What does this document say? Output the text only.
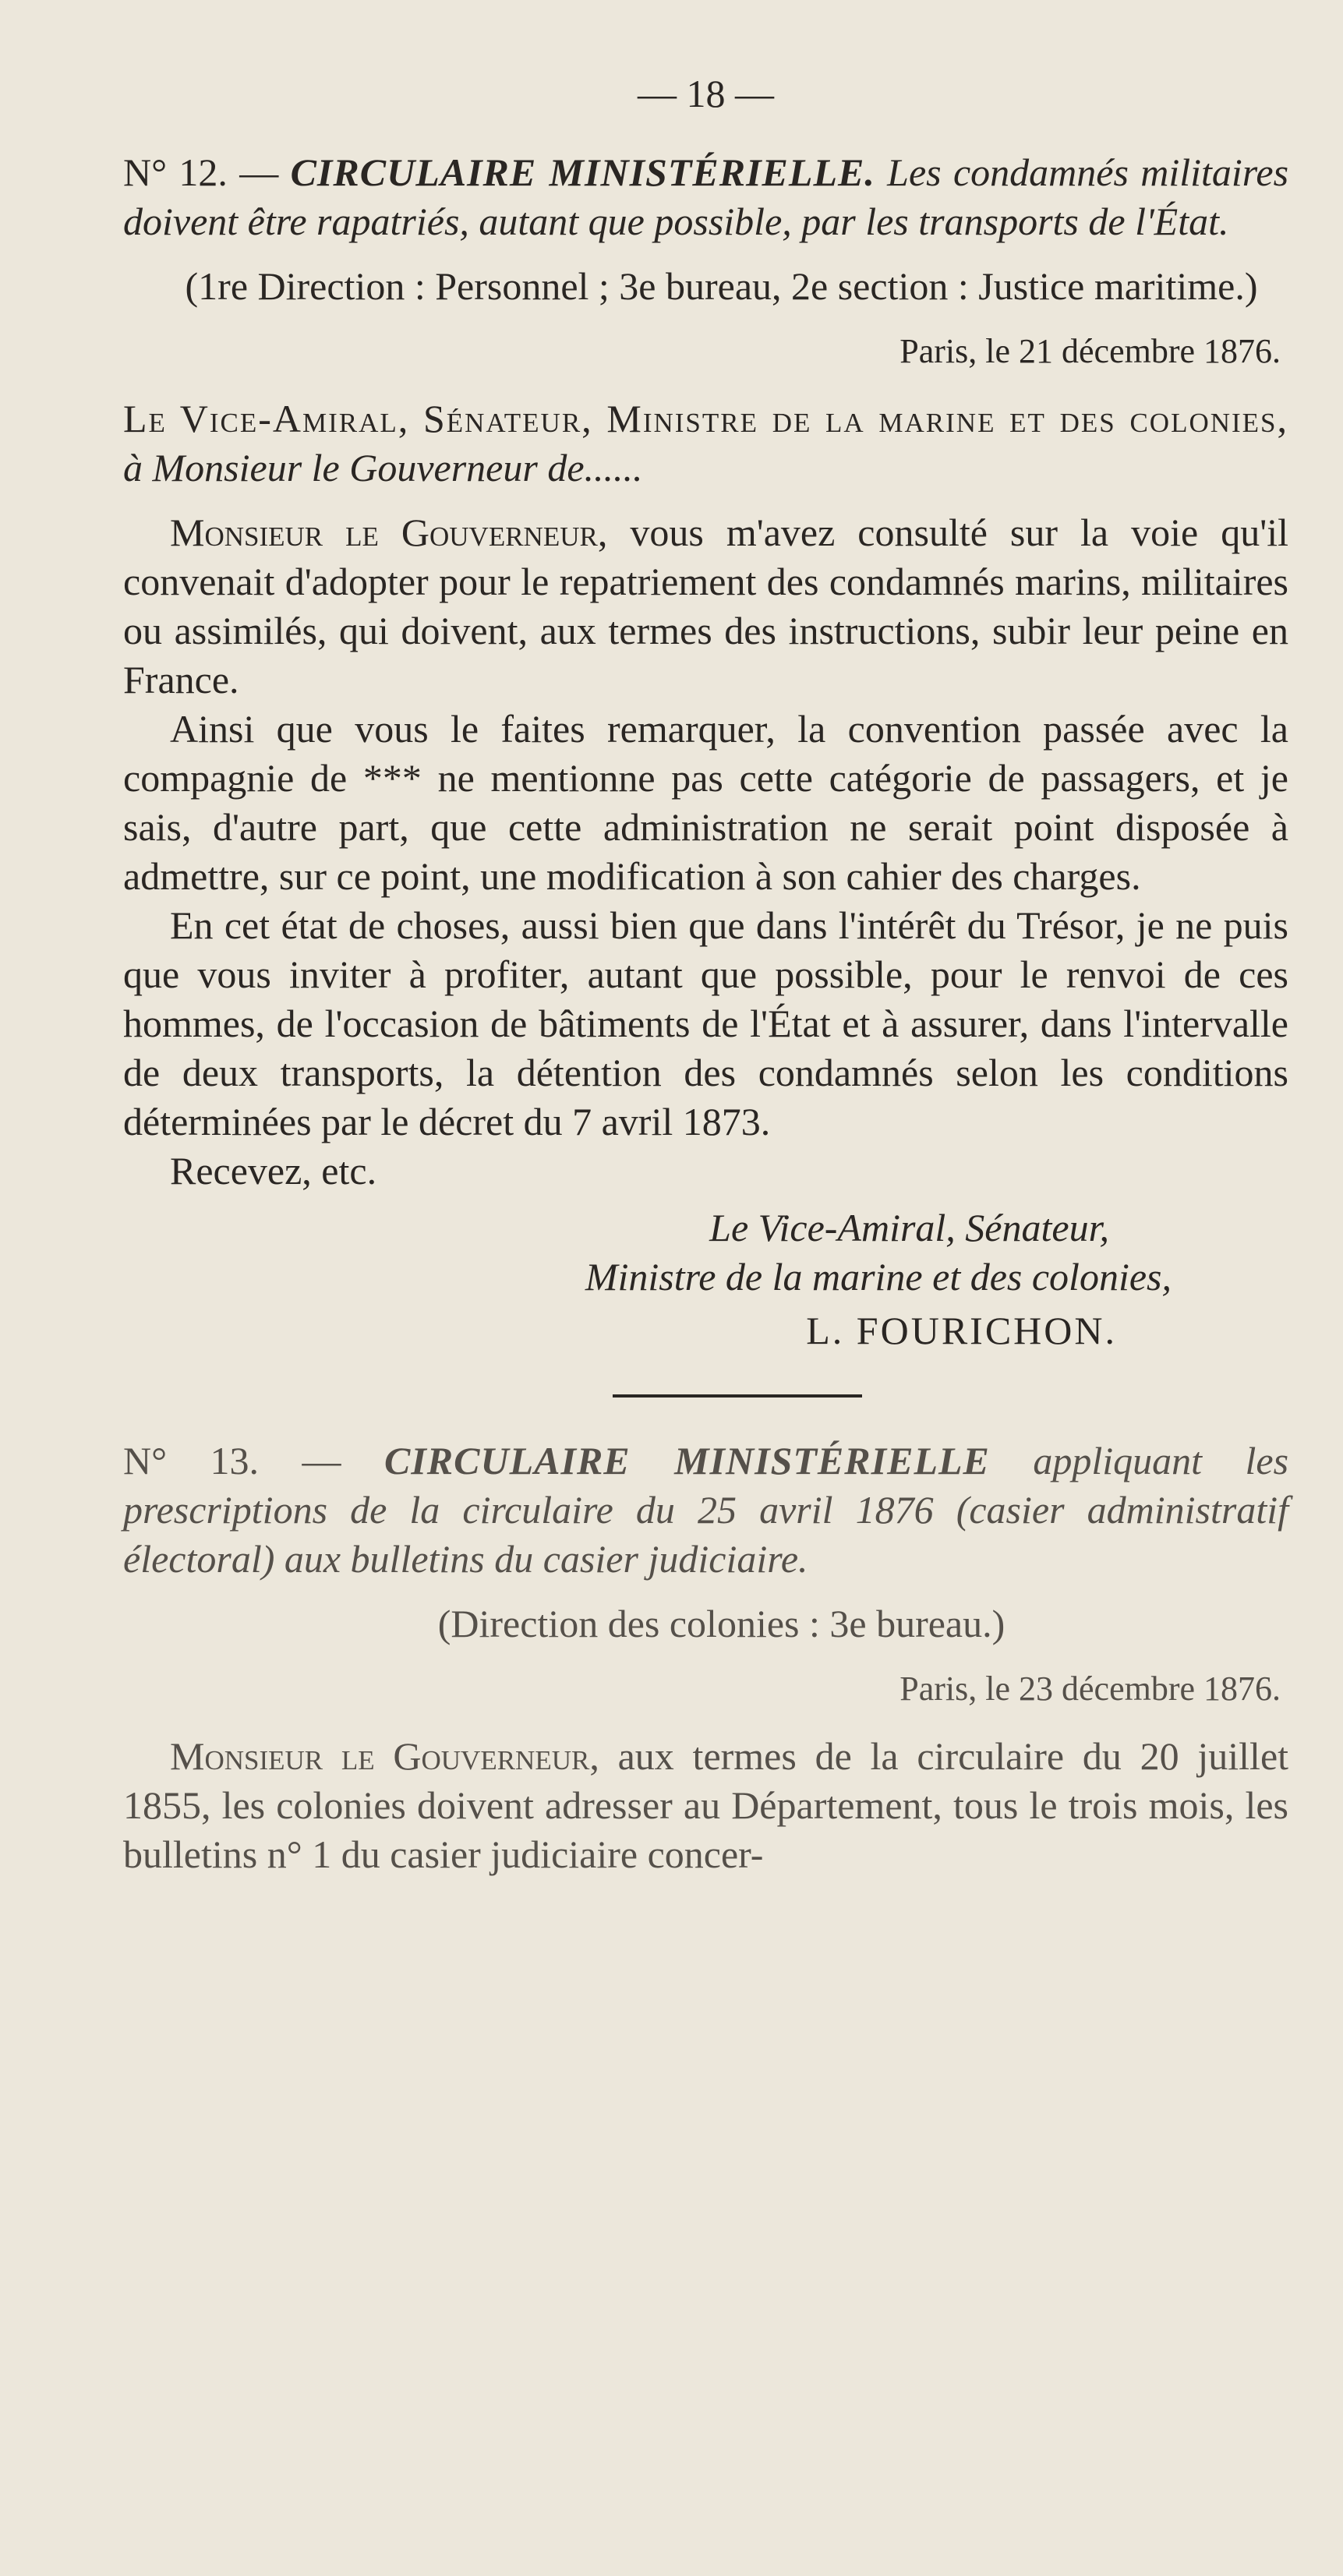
— 18 —

N° 12. — CIRCULAIRE MINISTÉRIELLE. Les condamnés militaires doivent être rapatriés, autant que possible, par les transports de l'État.

(1re Direction : Personnel ; 3e bureau, 2e section : Justice maritime.)
Paris, le 21 décembre 1876.

Le Vice-Amiral, Sénateur, Ministre de la marine et des colonies, à Monsieur le Gouverneur de......

Monsieur le Gouverneur, vous m'avez consulté sur la voie qu'il convenait d'adopter pour le repatriement des condamnés marins, militaires ou assimilés, qui doivent, aux termes des instructions, subir leur peine en France.

Ainsi que vous le faites remarquer, la convention passée avec la compagnie de *** ne mentionne pas cette catégorie de passagers, et je sais, d'autre part, que cette administration ne serait point disposée à admettre, sur ce point, une modification à son cahier des charges.

En cet état de choses, aussi bien que dans l'intérêt du Trésor, je ne puis que vous inviter à profiter, autant que possible, pour le renvoi de ces hommes, de l'occasion de bâtiments de l'État et à assurer, dans l'intervalle de deux transports, la détention des condamnés selon les conditions déterminées par le décret du 7 avril 1873.

Recevez, etc.

Le Vice-Amiral, Sénateur,

Ministre de la marine et des colonies,

L. FOURICHON.

N° 13. — CIRCULAIRE MINISTÉRIELLE appliquant les prescriptions de la circulaire du 25 avril 1876 (casier administratif électoral) aux bulletins du casier judiciaire.

(Direction des colonies : 3e bureau.)
Paris, le 23 décembre 1876.

Monsieur le Gouverneur, aux termes de la circulaire du 20 juillet 1855, les colonies doivent adresser au Département, tous le trois mois, les bulletins n° 1 du casier judiciaire concer-
